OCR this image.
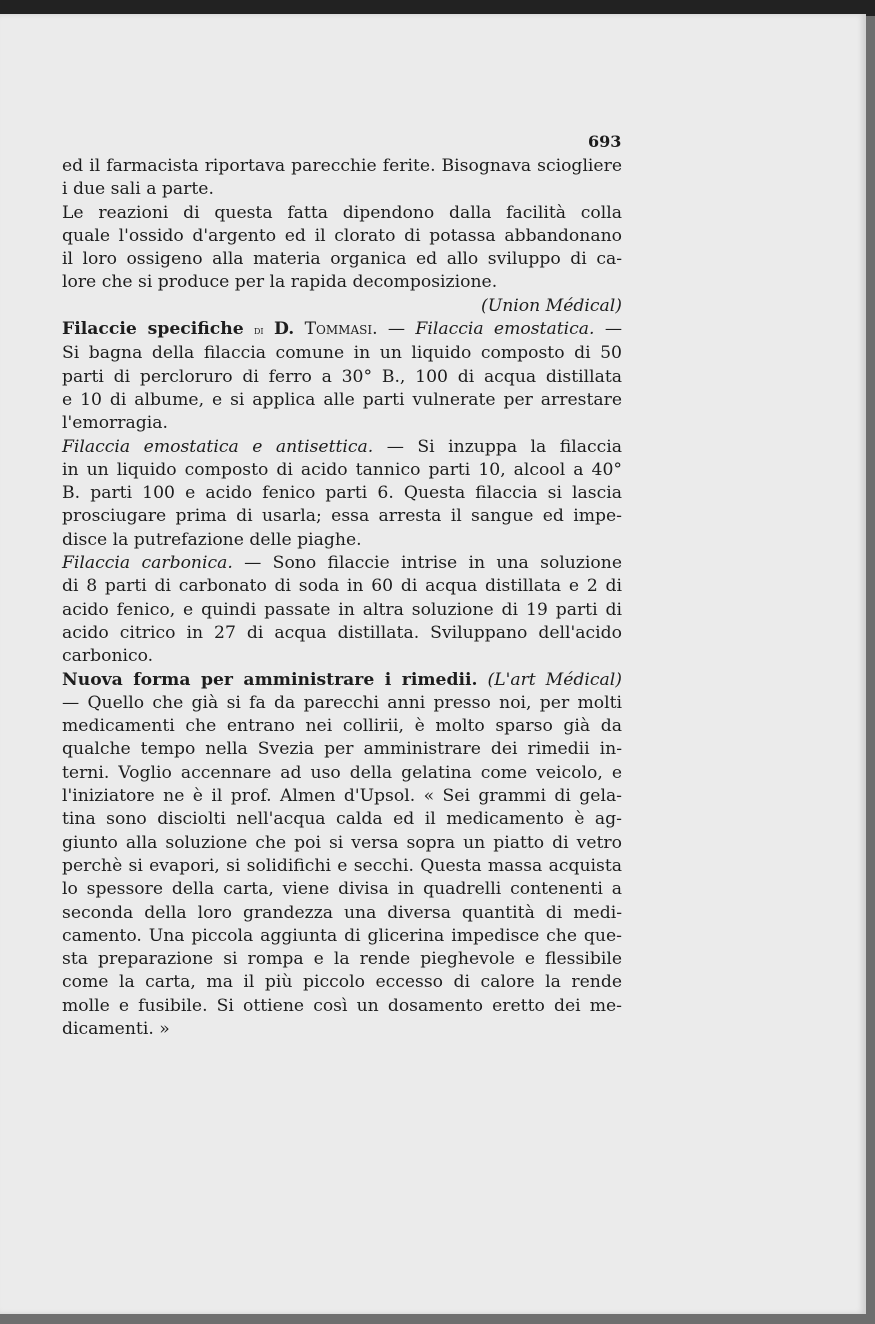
693
ed il farmacista riportava parecchie ferite. Bisognava sciogliere
i due sali a parte.
Le reazioni di questa fatta dipendono dalla facilità colla
quale l'ossido d'argento ed il clorato di potassa abbandonano
il loro ossigeno alla materia organica ed allo sviluppo di ca-
lore che si produce per la rapida decomposizione.
(Union Médical)
Filaccie specifiche di D. Tommasi. — Filaccia emostatica. —
Si bagna della filaccia comune in un liquido composto di 50
parti di percloruro di ferro a 30° B., 100 di acqua distillata
e 10 di albume, e si applica alle parti vulnerate per arrestare
l'emorragia.
Filaccia emostatica e antisettica. — Si inzuppa la filaccia
in un liquido composto di acido tannico parti 10, alcool a 40°
B. parti 100 e acido fenico parti 6. Questa filaccia si lascia
prosciugare prima di usarla; essa arresta il sangue ed impe-
disce la putrefazione delle piaghe.
Filaccia carbonica. — Sono filaccie intrise in una soluzione
di 8 parti di carbonato di soda in 60 di acqua distillata e 2 di
acido fenico, e quindi passate in altra soluzione di 19 parti di
acido citrico in 27 di acqua distillata. Sviluppano dell'acido
carbonico.
Nuova forma per amministrare i rimedii. (L'art Médical)
— Quello che già si fa da parecchi anni presso noi, per molti
medicamenti che entrano nei collirii, è molto sparso già da
qualche tempo nella Svezia per amministrare dei rimedii in-
terni. Voglio accennare ad uso della gelatina come veicolo, e
l'iniziatore ne è il prof. Almen d'Upsol. « Sei grammi di gela-
tina sono disciolti nell'acqua calda ed il medicamento è ag-
giunto alla soluzione che poi si versa sopra un piatto di vetro
perchè si evapori, si solidifichi e secchi. Questa massa acquista
lo spessore della carta, viene divisa in quadrelli contenenti a
seconda della loro grandezza una diversa quantità di medi-
camento. Una piccola aggiunta di glicerina impedisce che que-
sta preparazione si rompa e la rende pieghevole e flessibile
come la carta, ma il più piccolo eccesso di calore la rende
molle e fusibile. Si ottiene così un dosamento eretto dei me-
dicamenti. »
